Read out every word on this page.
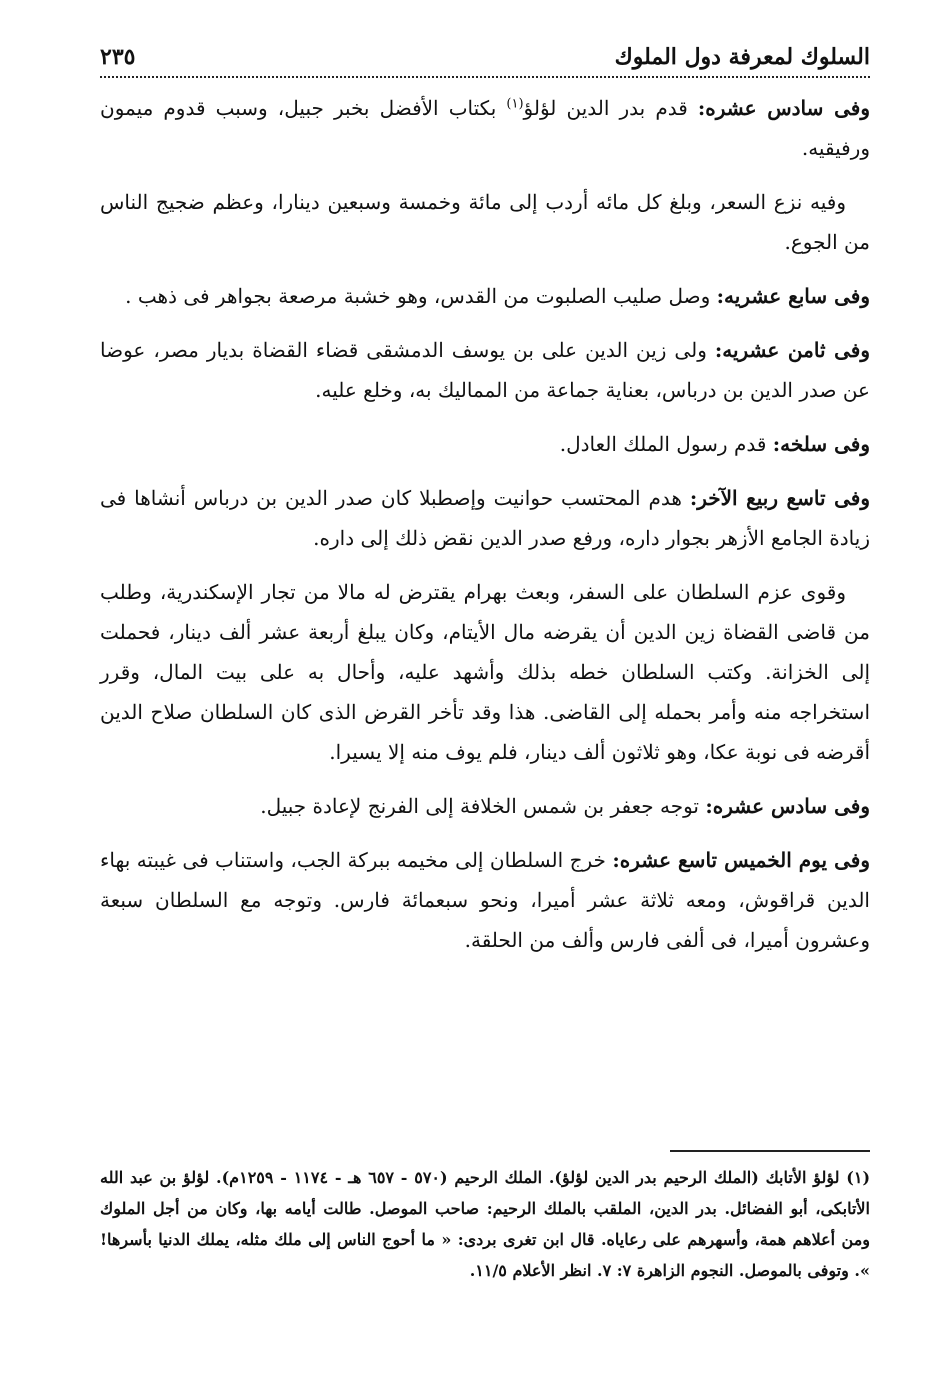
السلوك لمعرفة دول الملوك
٢٣٥

وفى سادس عشره: قدم بدر الدين لؤلؤ$^{(١)}$ بكتاب الأفضل بخبر جبيل، وسبب قدوم ميمون ورفيقيه.

وفيه نزع السعر، وبلغ كل مائه أردب إلى مائة وخمسة وسبعين دينارا، وعظم ضجيج الناس من الجوع.

وفى سابع عشريه: وصل صليب الصلبوت من القدس، وهو خشبة مرصعة بجواهر فى ذهب .

وفى ثامن عشريه: ولى زين الدين على بن يوسف الدمشقى قضاء القضاة بديار مصر، عوضا عن صدر الدين بن درباس، بعناية جماعة من المماليك به، وخلع عليه.

وفى سلخه: قدم رسول الملك العادل.

وفى تاسع ربيع الآخر: هدم المحتسب حوانيت وإصطبلا كان صدر الدين بن درباس أنشاها فى زيادة الجامع الأزهر بجوار داره، ورفع صدر الدين نقض ذلك إلى داره.

وقوى عزم السلطان على السفر، وبعث بهرام يقترض له مالا من تجار الإسكندرية، وطلب من قاضى القضاة زين الدين أن يقرضه مال الأيتام، وكان يبلغ أربعة عشر ألف دينار، فحملت إلى الخزانة. وكتب السلطان خطه بذلك وأشهد عليه، وأحال به على بيت المال، وقرر استخراجه منه وأمر بحمله إلى القاضى. هذا وقد تأخر القرض الذى كان السلطان صلاح الدين أقرضه فى نوبة عكا، وهو ثلاثون ألف دينار، فلم يوف منه إلا يسيرا.

وفى سادس عشره: توجه جعفر بن شمس الخلافة إلى الفرنج لإعادة جبيل.

وفى يوم الخميس تاسع عشره: خرج السلطان إلى مخيمه ببركة الجب، واستناب فى غيبته بهاء الدين قراقوش، ومعه ثلاثة عشر أميرا، ونحو سبعمائة فارس. وتوجه مع السلطان سبعة وعشرون أميرا، فى ألفى فارس وألف من الحلقة.

(١) لؤلؤ الأتابك (الملك الرحيم بدر الدين لؤلؤ). الملك الرحيم (٥٧٠ - ٦٥٧ هـ - ١١٧٤ - ١٢٥٩م). لؤلؤ بن عبد الله الأتابكى، أبو الفضائل. بدر الدين، الملقب بالملك الرحيم: صاحب الموصل. طالت أيامه بها، وكان من أجل الملوك ومن أعلاهم همة، وأسهرهم على رعاياه. قال ابن تغرى بردى: « ما أحوج الناس إلى ملك مثله، يملك الدنيا بأسرها! ». وتوفى بالموصل. النجوم الزاهرة ٧: ٧. انظر الأعلام ١١/٥.
